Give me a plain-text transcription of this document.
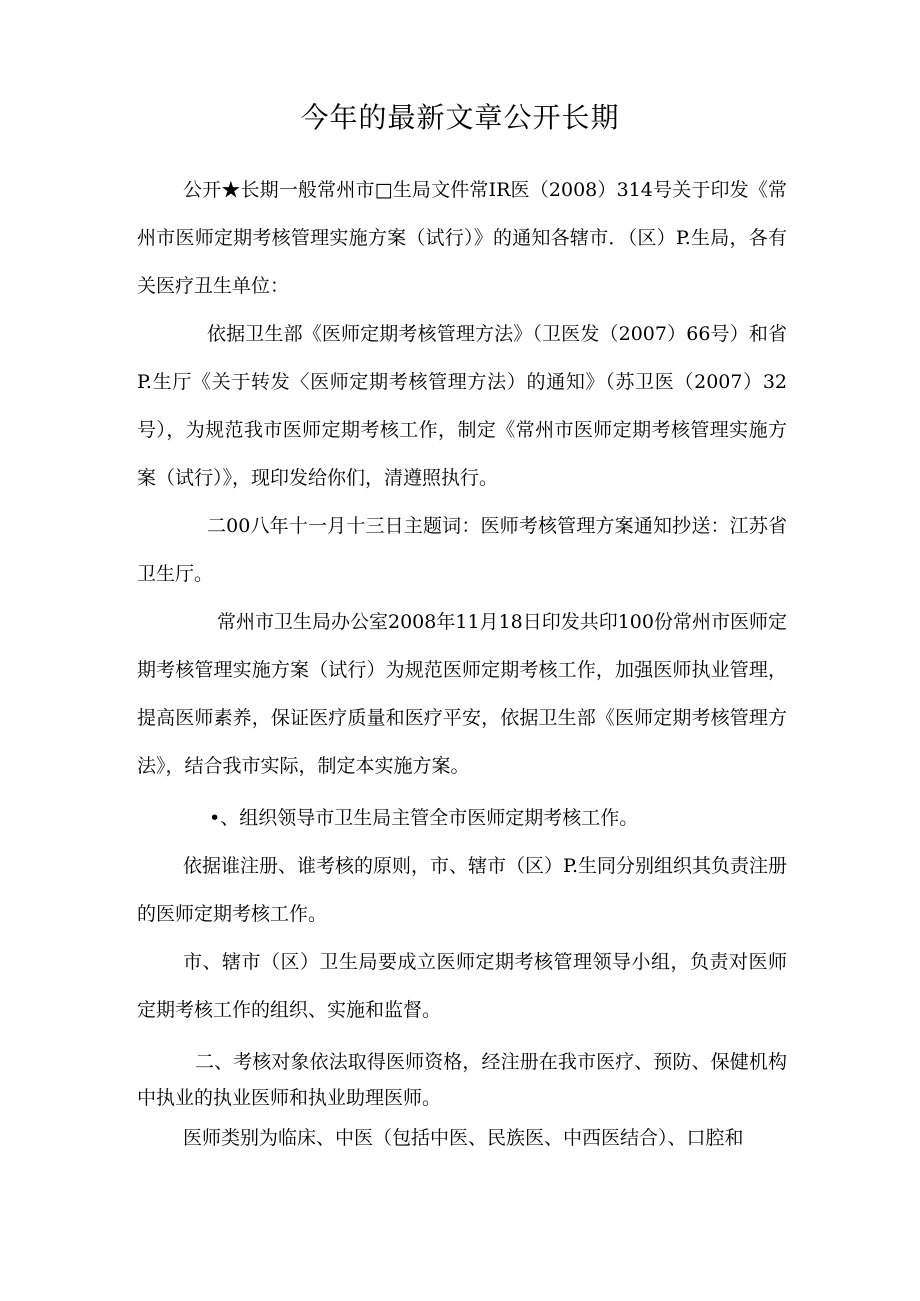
今年的最新文章公开长期

公开★长期一般常州市□生局文件常IR医（2008）314号关于印发《常州市医师定期考核管理实施方案（试行）》的通知各辖市．（区）P.生局，各有关医疗丑生单位：

依据卫生部《医师定期考核管理方法》（卫医发（2007）66号）和省P.生厅《关于转发〈医师定期考核管理方法）的通知》（苏卫医（2007）32号），为规范我市医师定期考核工作，制定《常州市医师定期考核管理实施方案（试行）》，现印发给你们，清遵照执行。

二00八年十一月十三日主题词：医师考核管理方案通知抄送：江苏省卫生厅。

常州市卫生局办公室2008年11月18日印发共印100份常州市医师定期考核管理实施方案（试行）为规范医师定期考核工作，加强医师执业管理，提高医师素养，保证医疗质量和医疗平安，依据卫生部《医师定期考核管理方法》，结合我市实际，制定本实施方案。

•、组织领导市卫生局主管全市医师定期考核工作。

依据谁注册、谁考核的原则，市、辖市（区）P.生同分别组织其负责注册的医师定期考核工作。

市、辖市（区）卫生局要成立医师定期考核管理领导小组，负责对医师定期考核工作的组织、实施和监督。

二、考核对象依法取得医师资格，经注册在我市医疗、预防、保健机构中执业的执业医师和执业助理医师。

医师类别为临床、中医（包括中医、民族医、中西医结合）、口腔和
